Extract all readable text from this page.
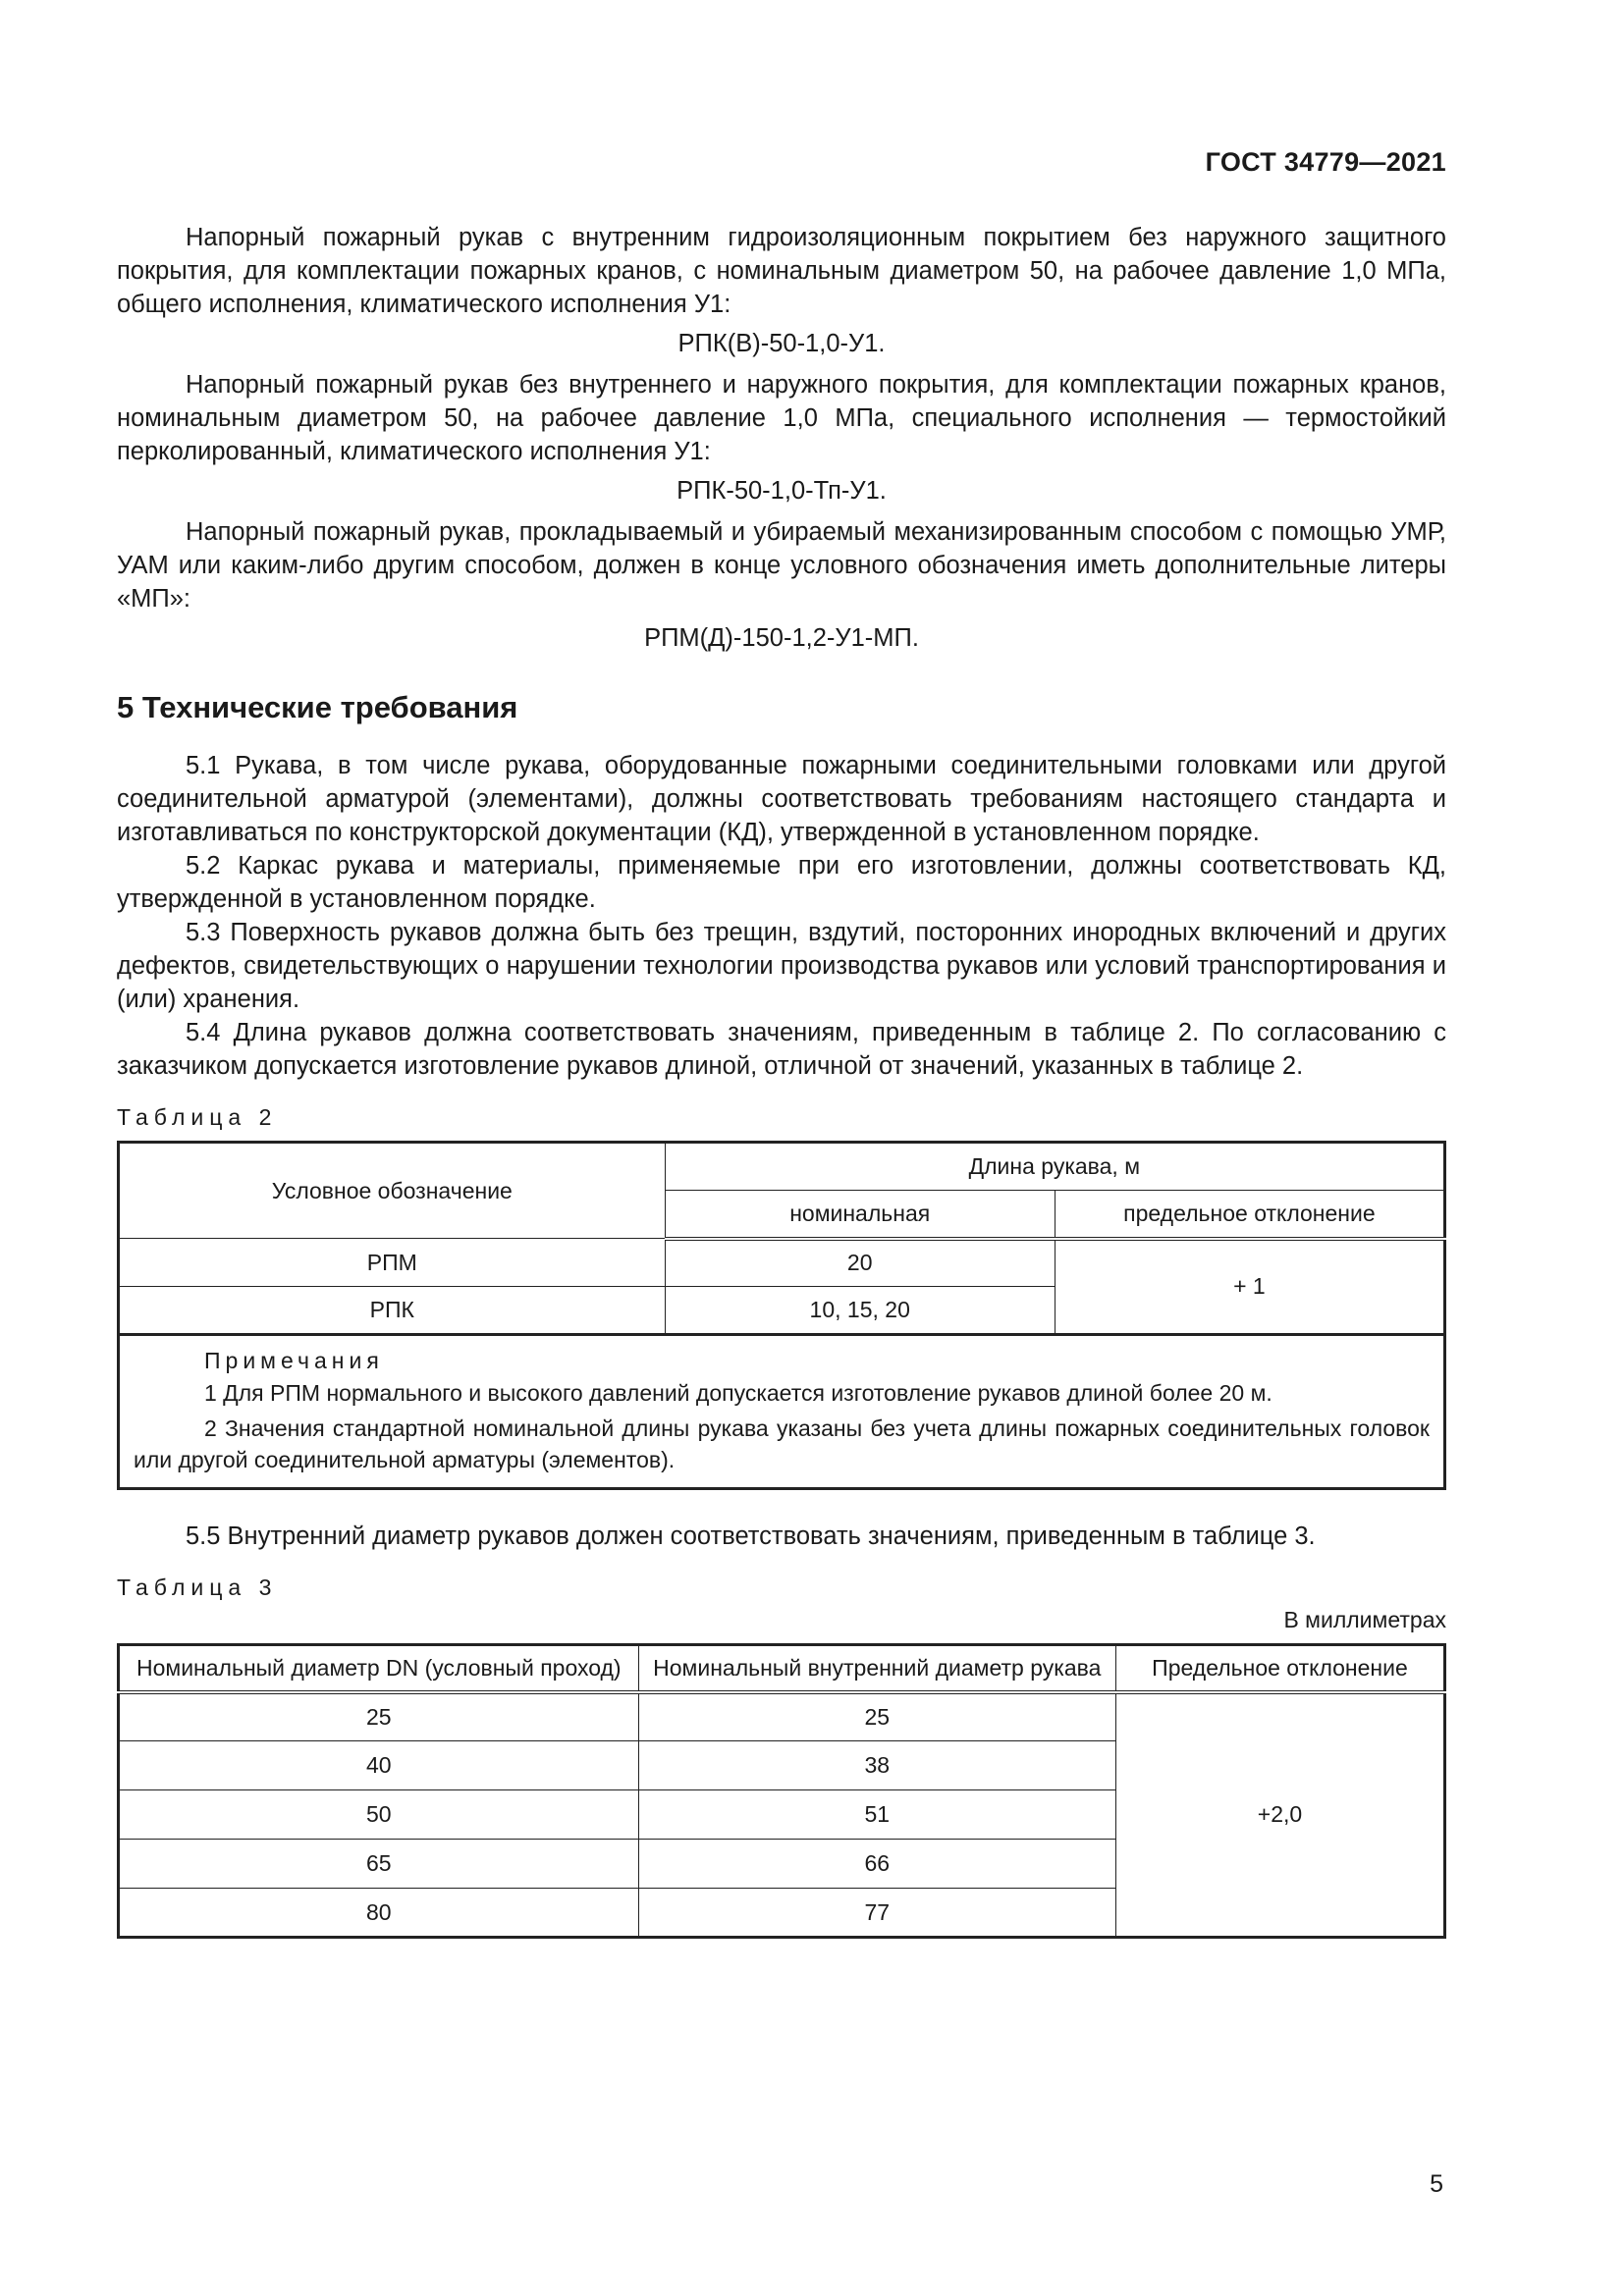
ГОСТ 34779—2021

Напорный пожарный рукав с внутренним гидроизоляционным покрытием без наружного защитного покрытия, для комплектации пожарных кранов, с номинальным диаметром 50, на рабочее давление 1,0 МПа, общего исполнения, климатического исполнения У1:

РПК(В)-50-1,0-У1.

Напорный пожарный рукав без внутреннего и наружного покрытия, для комплектации пожарных кранов, номинальным диаметром 50, на рабочее давление 1,0 МПа, специального исполнения — термостойкий перколированный, климатического исполнения У1:

РПК-50-1,0-Тп-У1.

Напорный пожарный рукав, прокладываемый и убираемый механизированным способом с помощью УМР, УАМ или каким-либо другим способом, должен в конце условного обозначения иметь дополнительные литеры «МП»:

РПМ(Д)-150-1,2-У1-МП.

5 Технические требования

5.1 Рукава, в том числе рукава, оборудованные пожарными соединительными головками или другой соединительной арматурой (элементами), должны соответствовать требованиям настоящего стандарта и изготавливаться по конструкторской документации (КД), утвержденной в установленном порядке.

5.2 Каркас рукава и материалы, применяемые при его изготовлении, должны соответствовать КД, утвержденной в установленном порядке.

5.3 Поверхность рукавов должна быть без трещин, вздутий, посторонних инородных включений и других дефектов, свидетельствующих о нарушении технологии производства рукавов или условий транспортирования и (или) хранения.

5.4 Длина рукавов должна соответствовать значениям, приведенным в таблице 2. По согласованию с заказчиком допускается изготовление рукавов длиной, отличной от значений, указанных в таблице 2.

Таблица 2
Условное обозначение	Длина рукава, м	
	номинальная	предельное отклонение
РПМ	20	+ 1
РПК	10, 15, 20	

Примечания
1 Для РПМ нормального и высокого давлений допускается изготовление рукавов длиной более 20 м.
2 Значения стандартной номинальной длины рукава указаны без учета длины пожарных соединительных головок или другой соединительной арматуры (элементов).		

5.5 Внутренний диаметр рукавов должен соответствовать значениям, приведенным в таблице 3.

Таблица 3
В миллиметрах
Номинальный диаметр DN (условный проход)	Номинальный внутренний диаметр рукава	Предельное отклонение
25	25	+2,0
40	38	
50	51	
65	66	
80	77	
5
